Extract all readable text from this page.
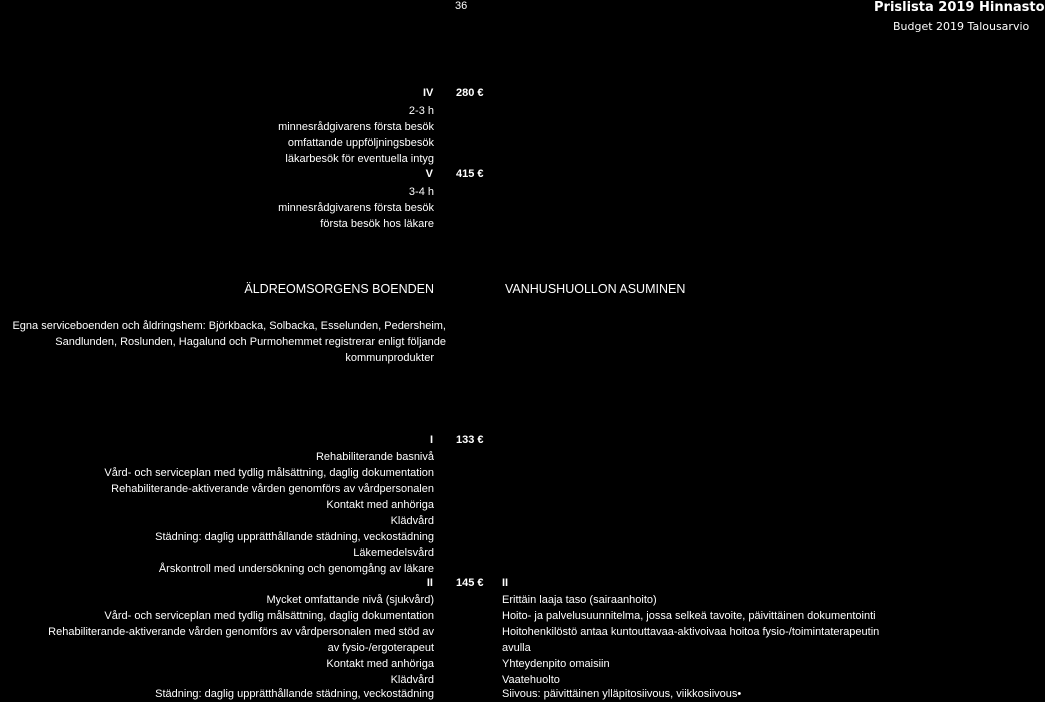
36	Prislista 2019 Hinnasto
Budget 2019 Talousarvio
IV 280 €
2-3 h
minnesrådgivarens första besök
omfattande uppföljningsbesök
läkarbesök för eventuella intyg
V 415 €
3-4 h
minnesrådgivarens första besök
första besök hos läkare
ÄLDREOMSORGENS BOENDEN	VANHUSHUOLLON ASUMINEN
Egna serviceboenden och åldringshem: Björkbacka, Solbacka, Esselunden, Pedersheim,
Sandlunden, Roslunden, Hagalund och Purmohemmet registrerar enligt följande
kommunprodukter
I 133 €
Rehabiliterande basnivå
Vård- och serviceplan med tydlig målsättning, daglig dokumentation
Rehabiliterande-aktiverande vården genomförs av vårdpersonalen
Kontakt med anhöriga
Klädvård
Städning: daglig upprätthållande städning, veckostädning
Läkemedelsvård
Årskontroll med undersökning och genomgång av läkare
II 145 € II
Mycket omfattande nivå (sjukvård)
Vård- och serviceplan med tydlig målsättning, daglig dokumentation
Rehabiliterande-aktiverande vården genomförs av vårdpersonalen med stöd av
av fysio-/ergoterapeut
Kontakt med anhöriga
Klädvård
Städning: daglig upprätthållande städning, veckostädning
Erittäin laaja taso (sairaanhoito)
Hoito- ja palvelusuunnitelma, jossa selkeä tavoite, päivittäinen dokumentointi
Hoitohenkilöstö antaa kuntouttavaa-aktivoivaa hoitoa fysio-/toimintaterapeutin
avulla
Yhteydenpito omaisiin
Vaatehuolto
Siivous: päivittäinen ylläpitosiivous, viikkosiivous•
